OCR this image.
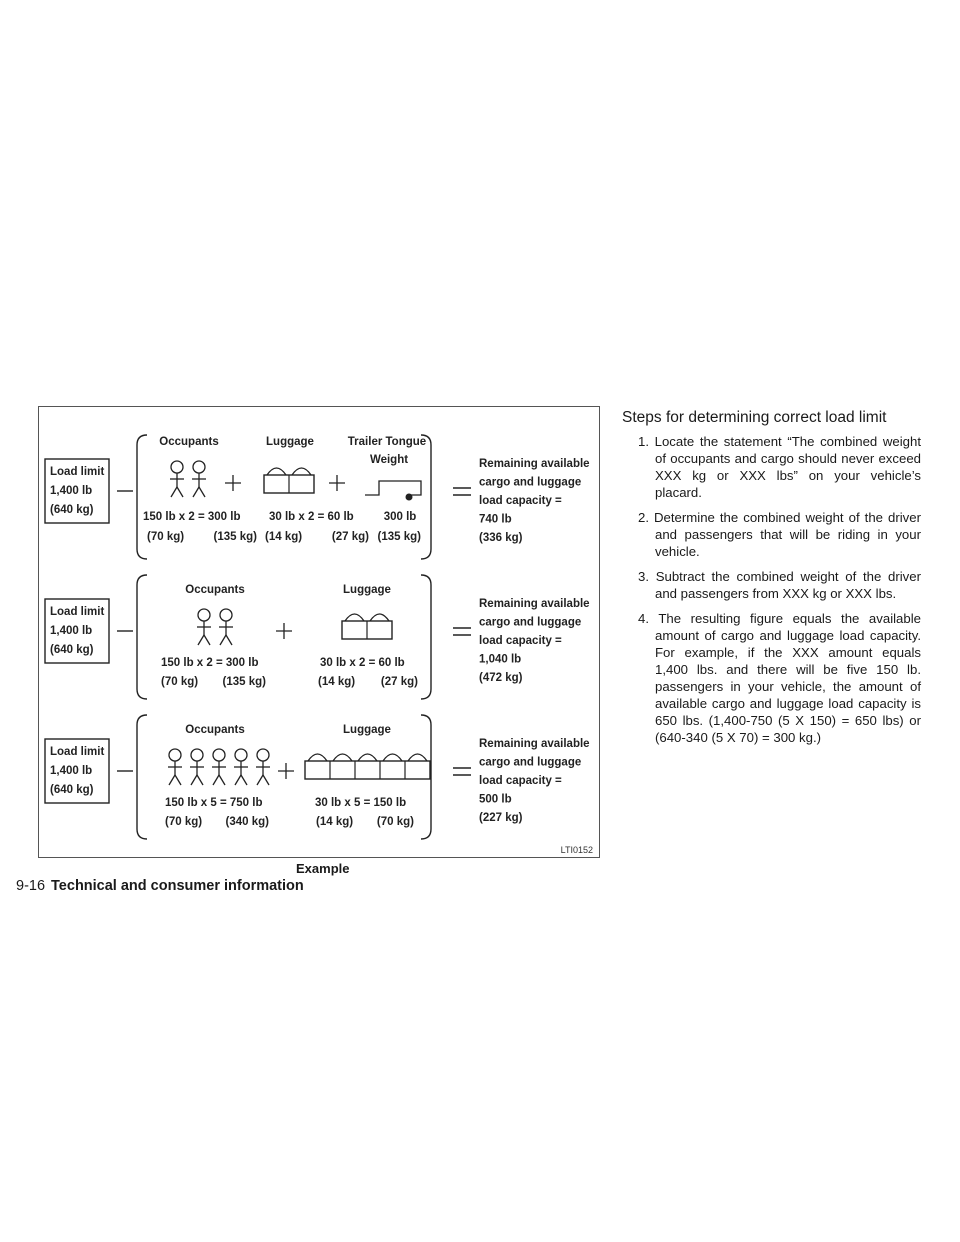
Load limit
1,400 lb
(640 kg)
Remaining available
cargo and luggage
load capacity =
740 lb
(336 kg)
Occupants
150 lb x 2 = 300 lb
(70 kg)	(135 kg)
Luggage
30 lb x 2 = 60 lb
(14 kg)	(27 kg)
Trailer Tongue
Weight
300 lb
(135 kg)
Load limit
1,400 lb
(640 kg)
Remaining available
cargo and luggage
load capacity =
1,040 lb
(472 kg)
Occupants
150 lb x 2 = 300 lb
(70 kg) (135 kg)
Luggage
30 lb x 2 = 60 lb
(14 kg) (27 kg)
Load limit
1,400 lb
(640 kg)
Remaining available
cargo and luggage
load capacity =
500 lb
(227 kg)
Occupants
150 lb x 5 = 750 lb
(70 kg) (340 kg)
Luggage
30 lb x 5 = 150 lb
(14 kg) (70 kg)
LTI0152
Example
Steps for determining correct load limit
1. Locate the statement “The combined weight of occupants and cargo should never exceed XXX kg or XXX lbs” on your vehicle’s placard.
2. Determine the combined weight of the driver and passengers that will be riding in your vehicle.
3. Subtract the combined weight of the driver and passengers from XXX kg or XXX lbs.
4. The resulting figure equals the available amount of cargo and luggage load capacity. For example, if the XXX amount equals 1,400 lbs. and there will be five 150 lb. passengers in your vehicle, the amount of available cargo and luggage load capacity is 650 lbs. (1,400-750 (5 X 150) = 650 lbs) or (640-340 (5 X 70) = 300 kg.)
9-16 Technical and consumer information
